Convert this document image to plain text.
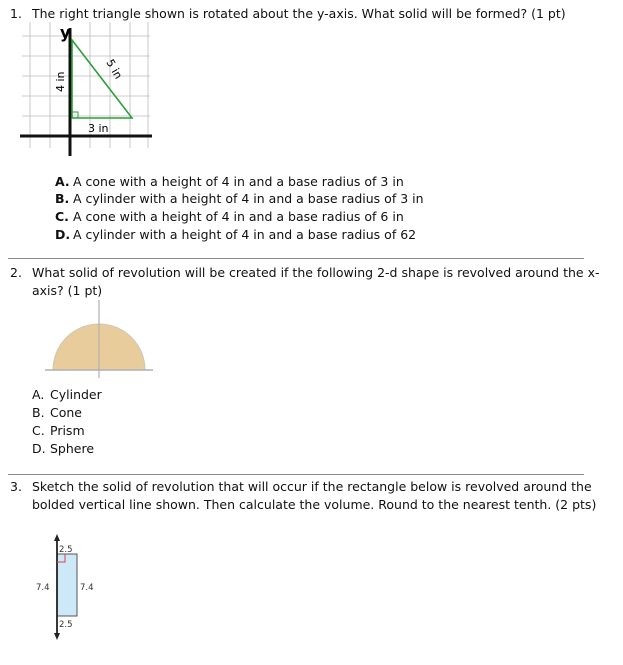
1. The right triangle shown is rotated about the y-axis. What solid will be formed? (1 pt)
y
4 in
5 in
3 in
A. A cone with a height of 4 in and a base radius of 3 in
B. A cylinder with a height of 4 in and a base radius of 3 in
C. A cone with a height of 4 in and a base radius of 6 in
D. A cylinder with a height of 4 in and a base radius of 62
2. What solid of revolution will be created if the following 2-d shape is revolved around the x-
axis? (1 pt)
A. Cylinder
B. Cone
C. Prism
D. Sphere
3. Sketch the solid of revolution that will occur if the rectangle below is revolved around the
bolded vertical line shown. Then calculate the volume. Round to the nearest tenth. (2 pts)
2.5
2.5
7.4	7.4
